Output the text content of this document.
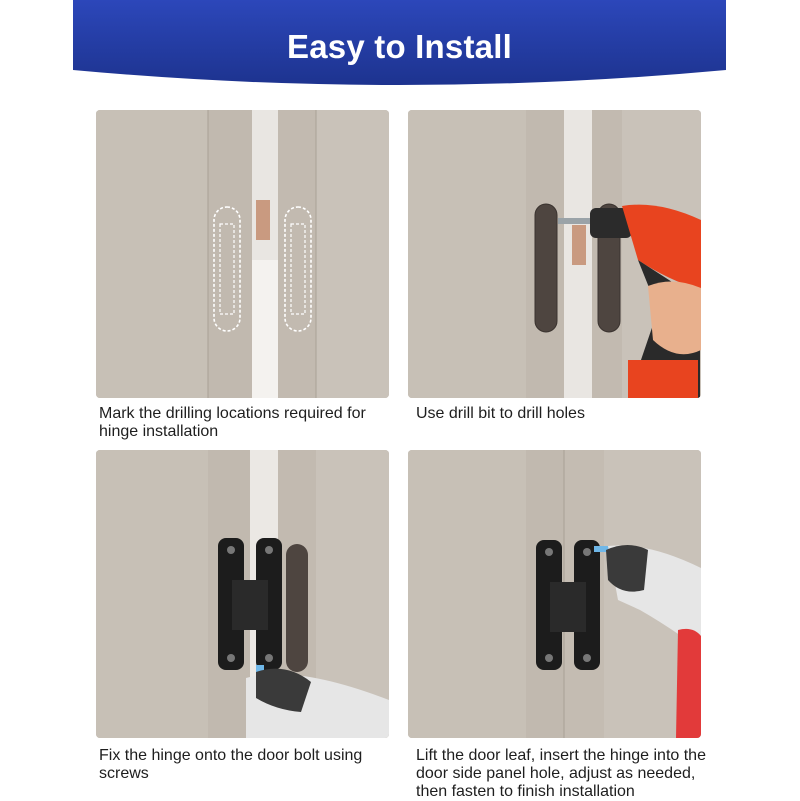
Easy to Install
Mark the drilling locations required for hinge installation
Use drill bit to drill holes
Fix the hinge onto the door bolt using screws
Lift the door leaf, insert the hinge into the door side panel hole, adjust as needed, then fasten to finish installation
